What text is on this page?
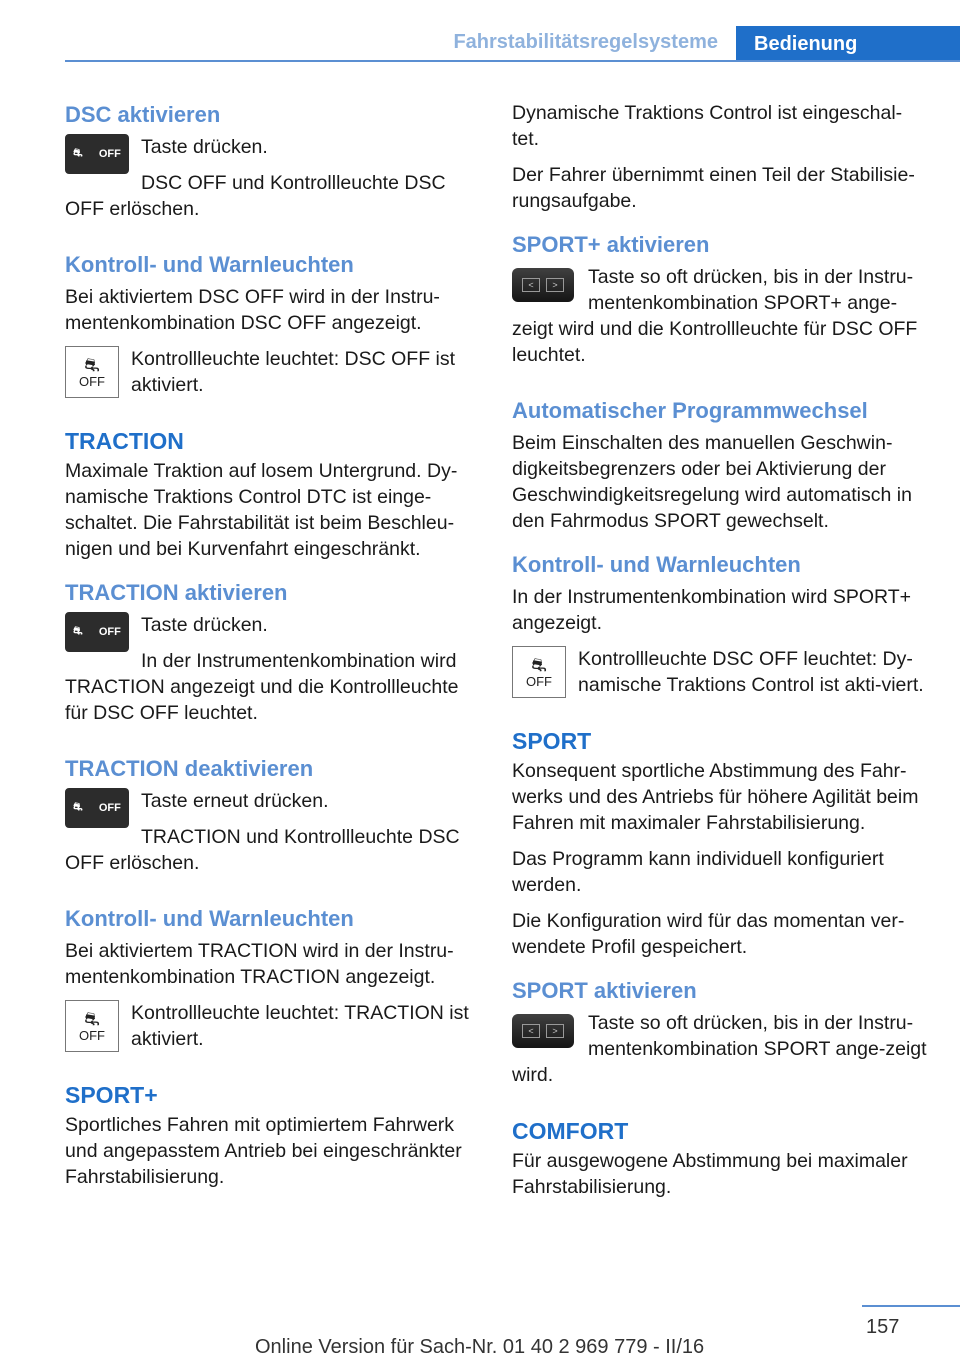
Fahrstabilitätsregelsysteme	Bedienung
DSC aktivieren
⛐ OFF	Taste drücken.

DSC OFF und Kontrollleuchte DSC OFF erlöschen.

Kontroll- und Warnleuchten

Bei aktiviertem DSC OFF wird in der Instru-mentenkombination DSC OFF angezeigt.

⛐
OFF

Kontrollleuchte leuchtet: DSC OFF ist aktiviert.

TRACTION

Maximale Traktion auf losem Untergrund. Dy-namische Traktions Control DTC ist einge-schaltet. Die Fahrstabilität ist beim Beschleu-nigen und bei Kurvenfahrt eingeschränkt.

TRACTION aktivieren
⛐ OFF	Taste drücken.

In der Instrumentenkombination wird TRACTION angezeigt und die Kontrollleuchte für DSC OFF leuchtet.

TRACTION deaktivieren
⛐ OFF	Taste erneut drücken.

TRACTION und Kontrollleuchte DSC OFF erlöschen.

Kontroll- und Warnleuchten

Bei aktiviertem TRACTION wird in der Instru-mentenkombination TRACTION angezeigt.

⛐
OFF

Kontrollleuchte leuchtet: TRACTION ist aktiviert.

SPORT+

Sportliches Fahren mit optimiertem Fahrwerk und angepasstem Antrieb bei eingeschränkter Fahrstabilisierung.

Dynamische Traktions Control ist eingeschal-tet.

Der Fahrer übernimmt einen Teil der Stabilisie-rungsaufgabe.

SPORT+ aktivieren
<	>	Taste so oft drücken, bis in der Instru-mentenkombination SPORT+ ange-zeigt wird und die Kontrollleuchte für DSC OFF leuchtet.

Automatischer Programmwechsel

Beim Einschalten des manuellen Geschwin-digkeitsbegrenzers oder bei Aktivierung der Geschwindigkeitsregelung wird automatisch in den Fahrmodus SPORT gewechselt.

Kontroll- und Warnleuchten

In der Instrumentenkombination wird SPORT+ angezeigt.

⛐
OFF

Kontrollleuchte DSC OFF leuchtet: Dy-namische Traktions Control ist akti-viert.

SPORT

Konsequent sportliche Abstimmung des Fahr-werks und des Antriebs für höhere Agilität beim Fahren mit maximaler Fahrstabilisierung.

Das Programm kann individuell konfiguriert werden.

Die Konfiguration wird für das momentan ver-wendete Profil gespeichert.

SPORT aktivieren
<	>	Taste so oft drücken, bis in der Instru-mentenkombination SPORT ange-zeigt wird.

COMFORT

Für ausgewogene Abstimmung bei maximaler Fahrstabilisierung.

157
Online Version für Sach-Nr. 01 40 2 969 779 - II/16
